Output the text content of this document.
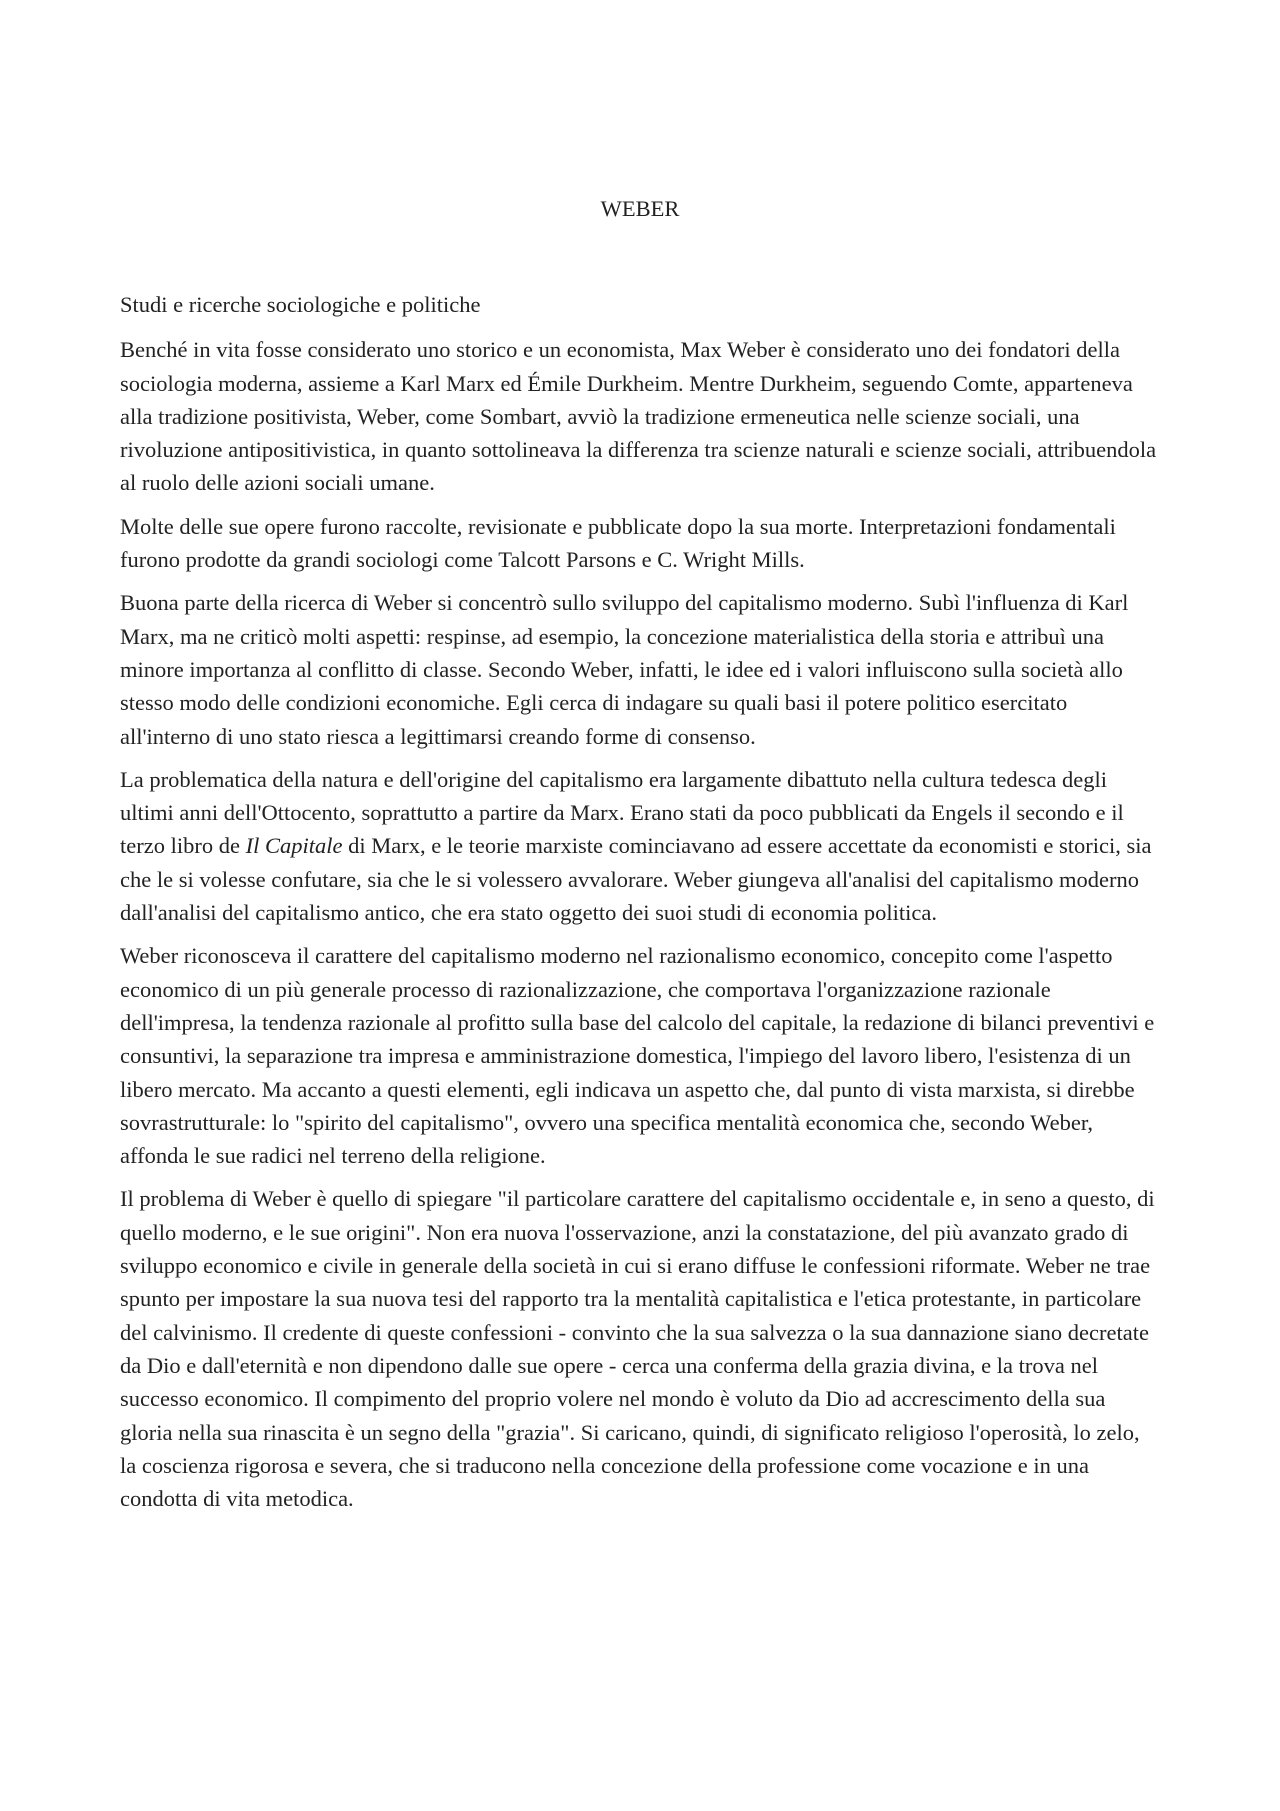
WEBER

Studi e ricerche sociologiche e politiche

Benché in vita fosse considerato uno storico e un economista, Max Weber è considerato uno dei fondatori della sociologia moderna, assieme a Karl Marx ed Émile Durkheim. Mentre Durkheim, seguendo Comte, apparteneva alla tradizione positivista, Weber, come Sombart, avviò la tradizione ermeneutica nelle scienze sociali, una rivoluzione antipositivistica, in quanto sottolineava la differenza tra scienze naturali e scienze sociali, attribuendola al ruolo delle azioni sociali umane.

Molte delle sue opere furono raccolte, revisionate e pubblicate dopo la sua morte. Interpretazioni fondamentali furono prodotte da grandi sociologi come Talcott Parsons e C. Wright Mills.

Buona parte della ricerca di Weber si concentrò sullo sviluppo del capitalismo moderno. Subì l'influenza di Karl Marx, ma ne criticò molti aspetti: respinse, ad esempio, la concezione materialistica della storia e attribuì una minore importanza al conflitto di classe. Secondo Weber, infatti, le idee ed i valori influiscono sulla società allo stesso modo delle condizioni economiche. Egli cerca di indagare su quali basi il potere politico esercitato all'interno di uno stato riesca a legittimarsi creando forme di consenso.

La problematica della natura e dell'origine del capitalismo era largamente dibattuto nella cultura tedesca degli ultimi anni dell'Ottocento, soprattutto a partire da Marx. Erano stati da poco pubblicati da Engels il secondo e il terzo libro de Il Capitale di Marx, e le teorie marxiste cominciavano ad essere accettate da economisti e storici, sia che le si volesse confutare, sia che le si volessero avvalorare. Weber giungeva all'analisi del capitalismo moderno dall'analisi del capitalismo antico, che era stato oggetto dei suoi studi di economia politica.

Weber riconosceva il carattere del capitalismo moderno nel razionalismo economico, concepito come l'aspetto economico di un più generale processo di razionalizzazione, che comportava l'organizzazione razionale dell'impresa, la tendenza razionale al profitto sulla base del calcolo del capitale, la redazione di bilanci preventivi e consuntivi, la separazione tra impresa e amministrazione domestica, l'impiego del lavoro libero, l'esistenza di un libero mercato. Ma accanto a questi elementi, egli indicava un aspetto che, dal punto di vista marxista, si direbbe sovrastrutturale: lo "spirito del capitalismo", ovvero una specifica mentalità economica che, secondo Weber, affonda le sue radici nel terreno della religione.

Il problema di Weber è quello di spiegare "il particolare carattere del capitalismo occidentale e, in seno a questo, di quello moderno, e le sue origini". Non era nuova l'osservazione, anzi la constatazione, del più avanzato grado di sviluppo economico e civile in generale della società in cui si erano diffuse le confessioni riformate. Weber ne trae spunto per impostare la sua nuova tesi del rapporto tra la mentalità capitalistica e l'etica protestante, in particolare del calvinismo. Il credente di queste confessioni - convinto che la sua salvezza o la sua dannazione siano decretate da Dio e dall'eternità e non dipendono dalle sue opere - cerca una conferma della grazia divina, e la trova nel successo economico. Il compimento del proprio volere nel mondo è voluto da Dio ad accrescimento della sua gloria nella sua rinascita è un segno della "grazia". Si caricano, quindi, di significato religioso l'operosità, lo zelo, la coscienza rigorosa e severa, che si traducono nella concezione della professione come vocazione e in una condotta di vita metodica.
